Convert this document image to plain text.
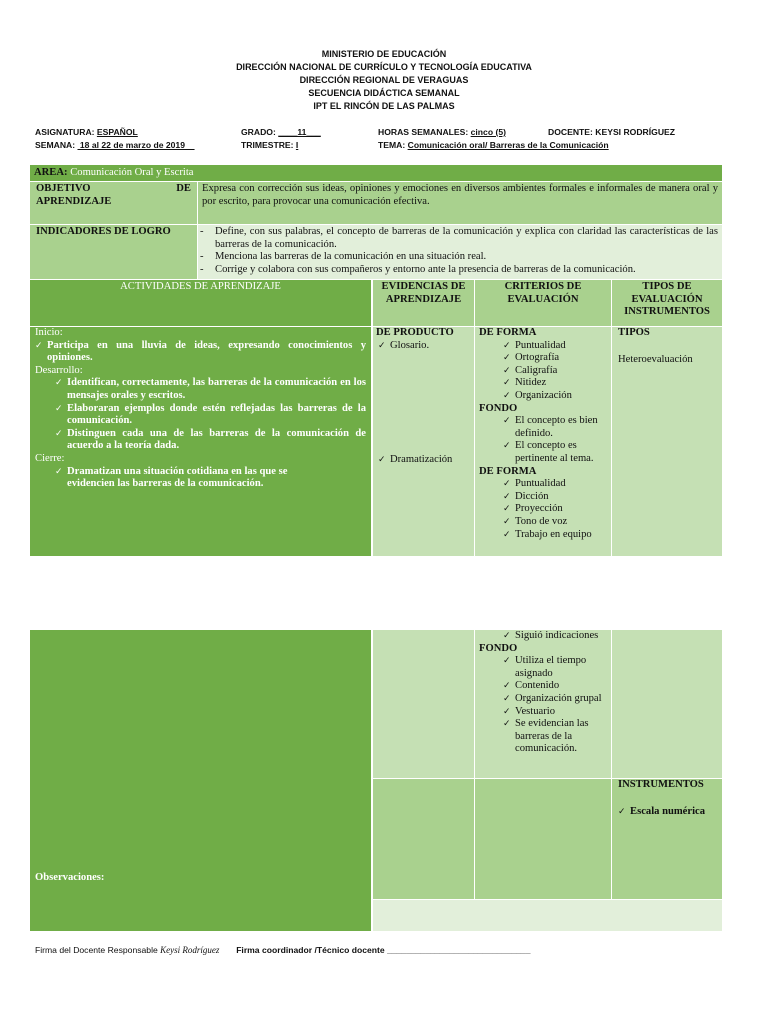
MINISTERIO DE EDUCACIÓN
DIRECCIÓN NACIONAL DE CURRÍCULO Y TECNOLOGÍA EDUCATIVA
DIRECCIÓN REGIONAL DE VERAGUAS
SECUENCIA DIDÁCTICA SEMANAL
IPT EL RINCÓN DE LAS PALMAS
ASIGNATURA: ESPAÑOL	GRADO: ____11___	HORAS SEMANALES: cinco (5)	DOCENTE: KEYSI RODRÍGUEZ
SEMANA:  18 al 22 de marzo de 2019	TRIMESTRE: I	TEMA: Comunicación oral/ Barreras de la Comunicación
AREA: Comunicación Oral y Escrita
OBJETIVO	DE
APRENDIZAJE
Expresa con corrección sus ideas, opiniones y emociones en diversos ambientes formales e informales de manera oral y por escrito, para provocar una comunicación efectiva.
INDICADORES DE LOGRO
-	Define, con sus palabras, el concepto de barreras de la comunicación y explica con claridad las características de las barreras de la comunicación.
- Menciona las barreras de la comunicación en una situación real.
- Corrige y colabora con sus compañeros y entorno ante la presencia de barreras de la comunicación.
ACTIVIDADES DE APRENDIZAJE	EVIDENCIAS DE APRENDIZAJE
CRITERIOS DE EVALUACIÓN
TIPOS DE EVALUACIÓN INSTRUMENTOS
Inicio:
✓ Participa en una lluvia de ideas, expresando conocimientos y opiniones.
Desarrollo:
✓ Identifican, correctamente, las barreras de la comunicación en los mensajes orales y escritos.
✓ Elaboraran ejemplos donde estén reflejadas las barreras de la comunicación.
✓ Distinguen cada una de las barreras de la comunicación de acuerdo a la teoría dada.
Cierre:
✓ Dramatizan una situación cotidiana en las que se evidencien las barreras de la comunicación.
DE PRODUCTO
✓ Glosario.
✓ Dramatización
DE FORMA
✓ Puntualidad
✓ Ortografía
✓ Caligrafía
✓ Nitidez
✓ Organización
FONDO
✓ El concepto es bien definido.
✓ El concepto es pertinente al tema.
DE FORMA
✓ Puntualidad
✓ Dicción
✓ Proyección
✓ Tono de voz
✓ Trabajo en equipo
TIPOS
Heteroevaluación
Observaciones:
✓ Siguió indicaciones
FONDO
✓ Utiliza el tiempo asignado
✓ Contenido
✓ Organización grupal
✓ Vestuario
✓ Se evidencian las barreras de la comunicación.
INSTRUMENTOS
✓ Escala numérica
Firma del Docente Responsable Keysi Rodríguez Firma coordinador /Técnico docente ______________________________
